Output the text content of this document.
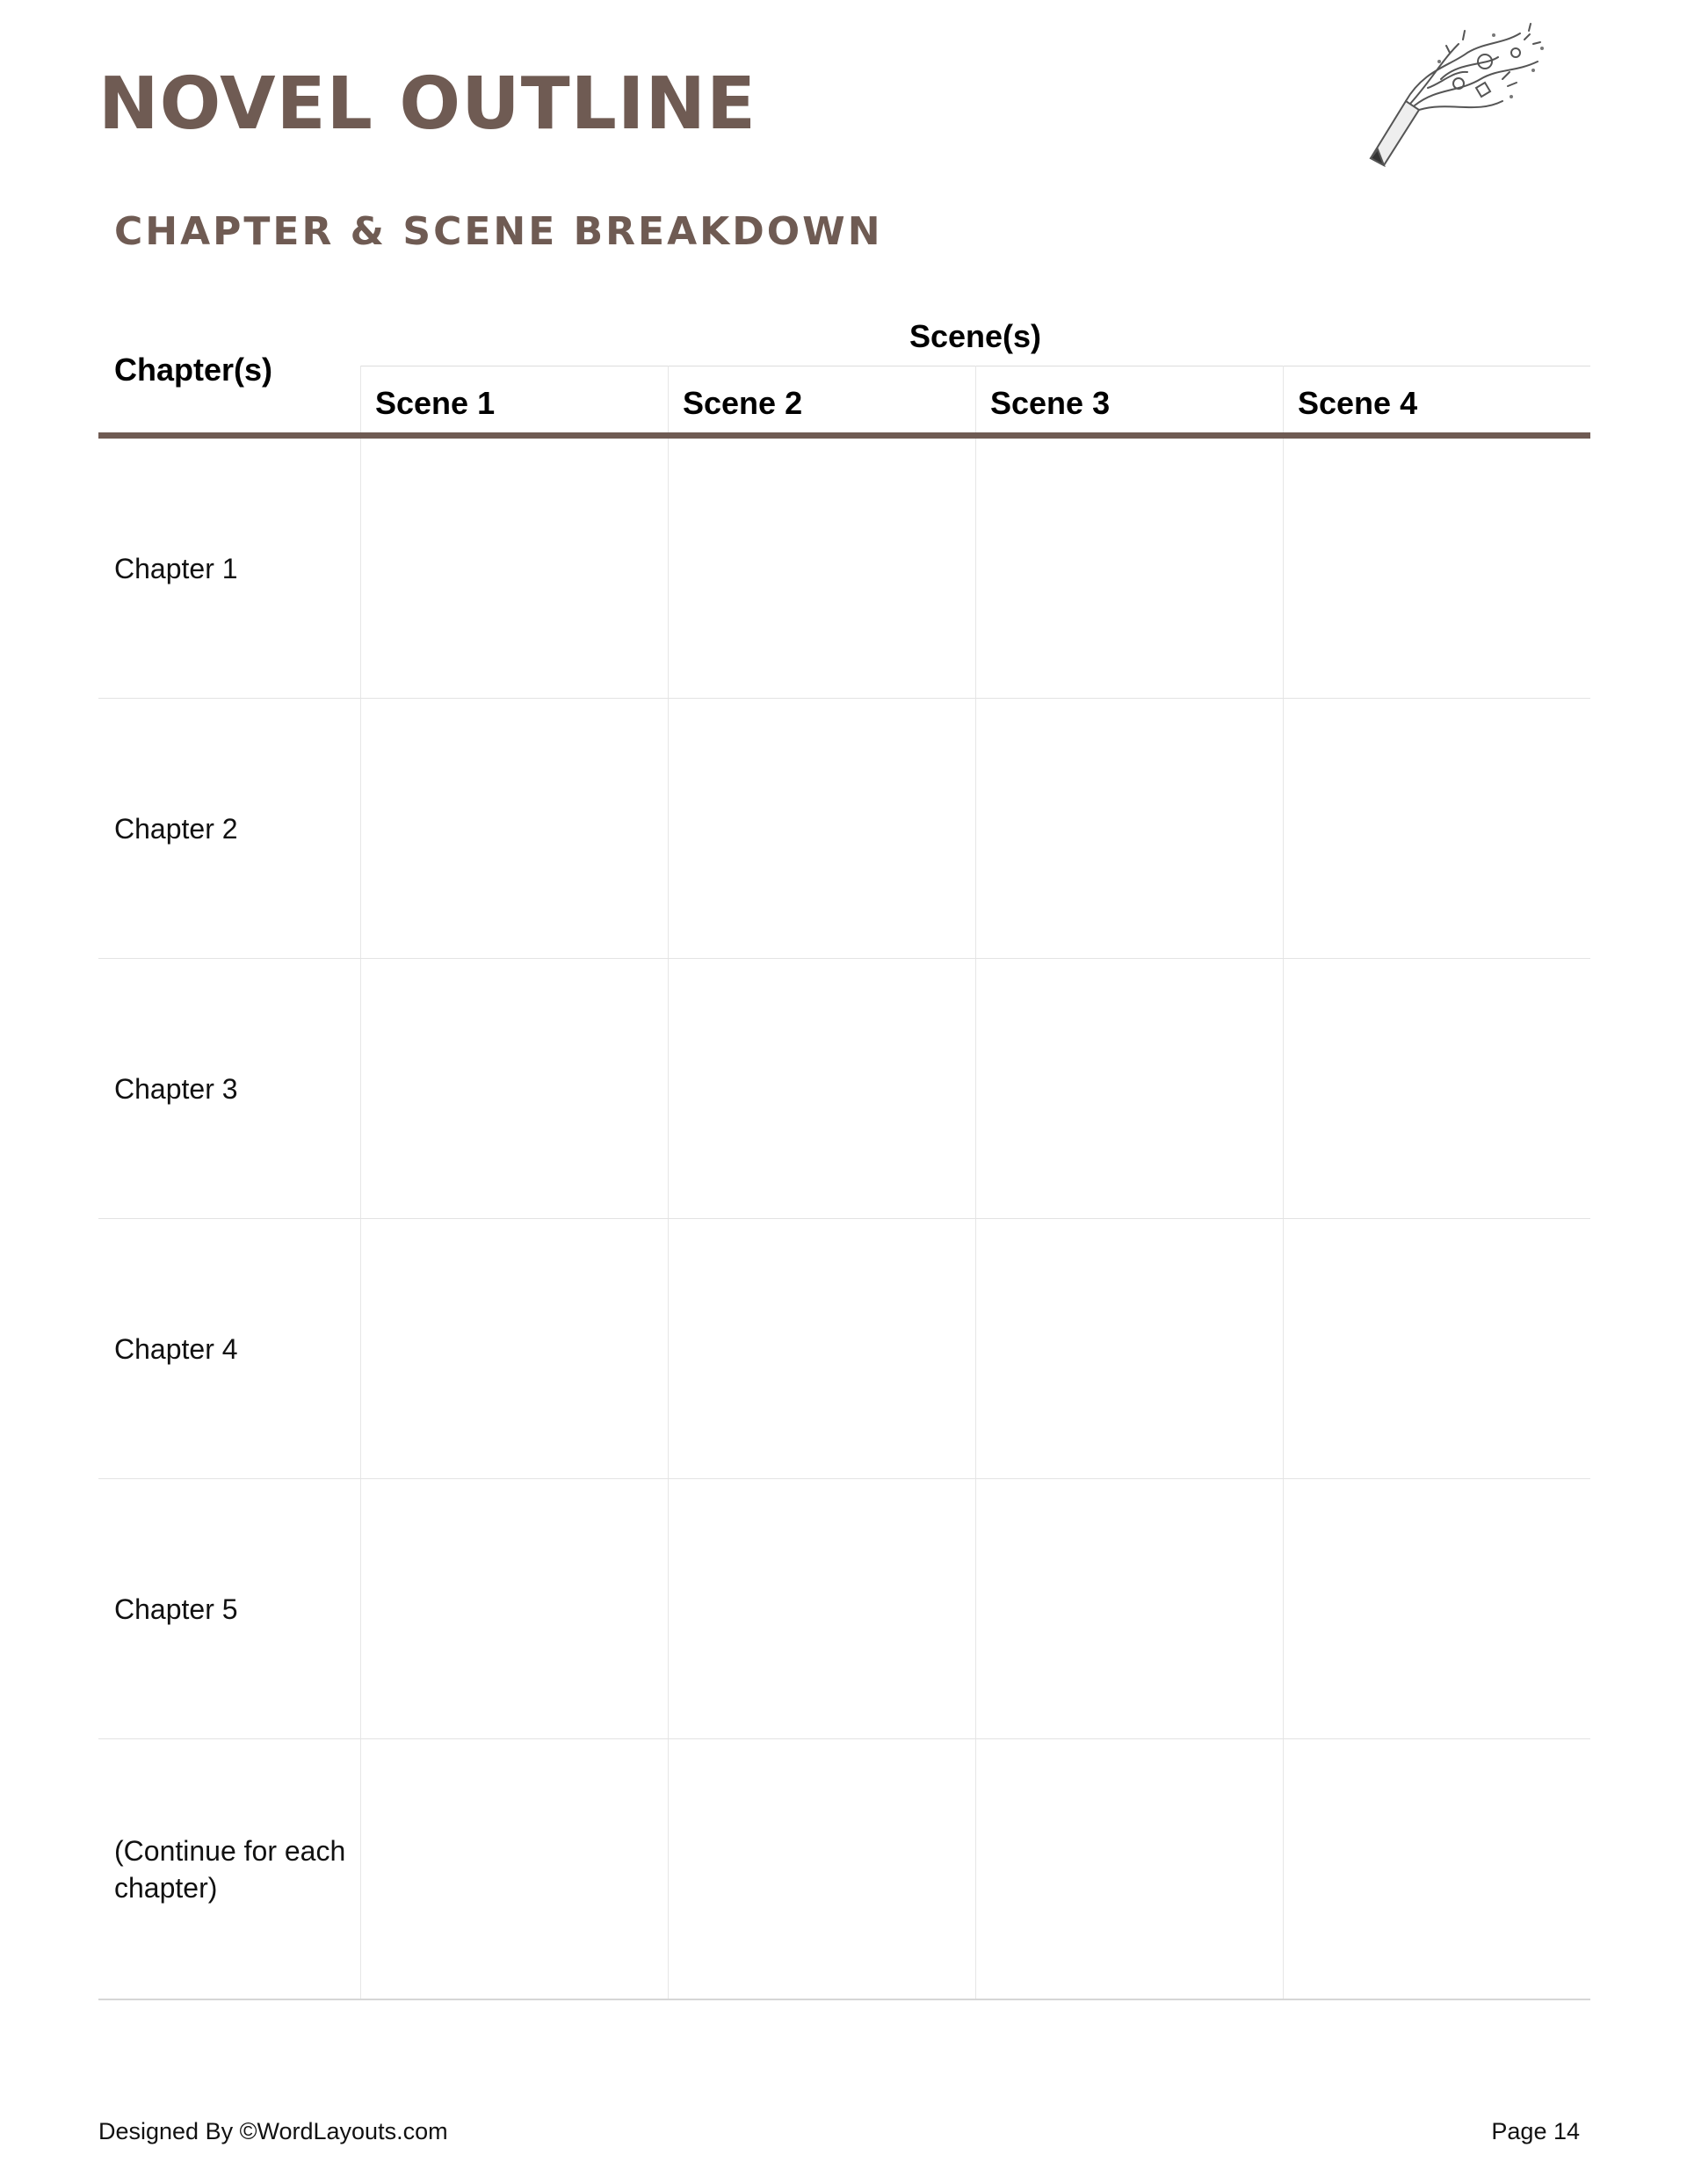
NOVEL OUTLINE
CHAPTER & SCENE BREAKDOWN
Chapter(s)
Scene(s)
Scene 1	Scene 2	Scene 3	Scene 4
Chapter 1
Chapter 2
Chapter 3
Chapter 4
Chapter 5
(Continue for each chapter)
Designed By ©WordLayouts.com	Page 14
